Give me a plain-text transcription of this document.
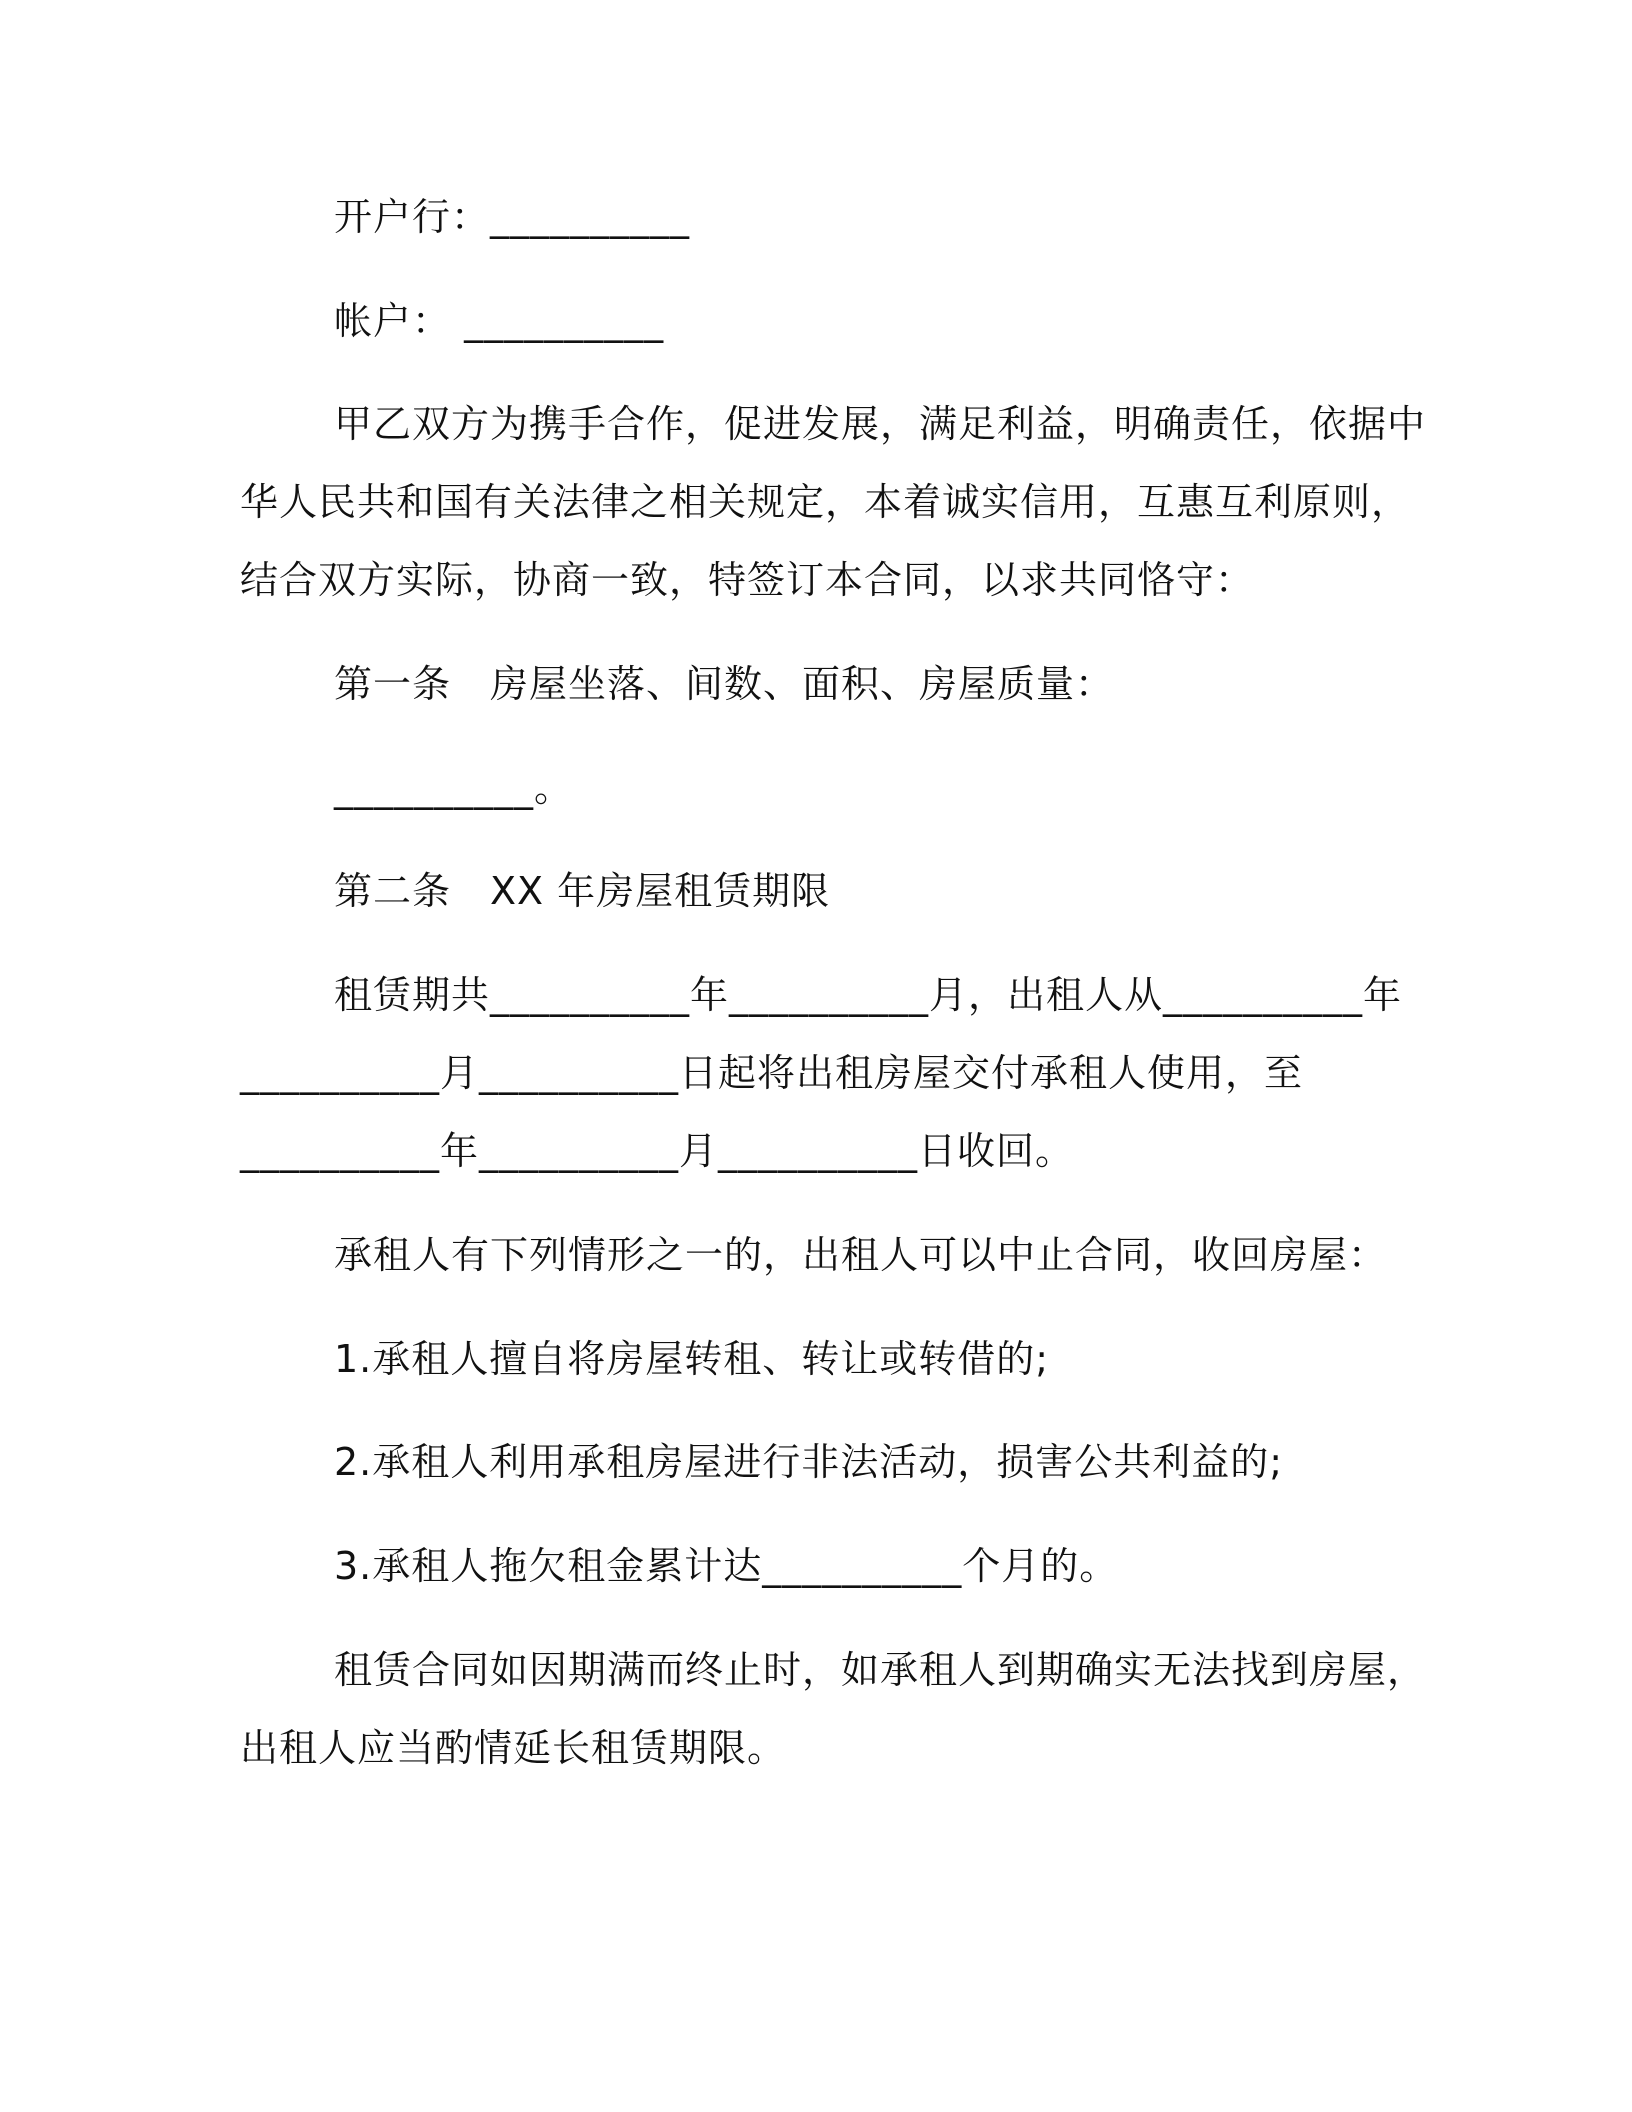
开户行：__________
帐户： __________
甲乙双方为携手合作，促进发展，满足利益，明确责任，依据中
华人民共和国有关法律之相关规定，本着诚实信用，互惠互利原则，
结合双方实际，协商一致，特签订本合同，以求共同恪守：
第一条　房屋坐落、间数、面积、房屋质量：
__________。
第二条　XX 年房屋租赁期限
租赁期共__________年__________月，出租人从__________年
__________月__________日起将出租房屋交付承租人使用，至
__________年__________月__________日收回。
承租人有下列情形之一的，出租人可以中止合同，收回房屋：
1.承租人擅自将房屋转租、转让或转借的;
2.承租人利用承租房屋进行非法活动，损害公共利益的;
3.承租人拖欠租金累计达__________个月的。
租赁合同如因期满而终止时，如承租人到期确实无法找到房屋，
出租人应当酌情延长租赁期限。
